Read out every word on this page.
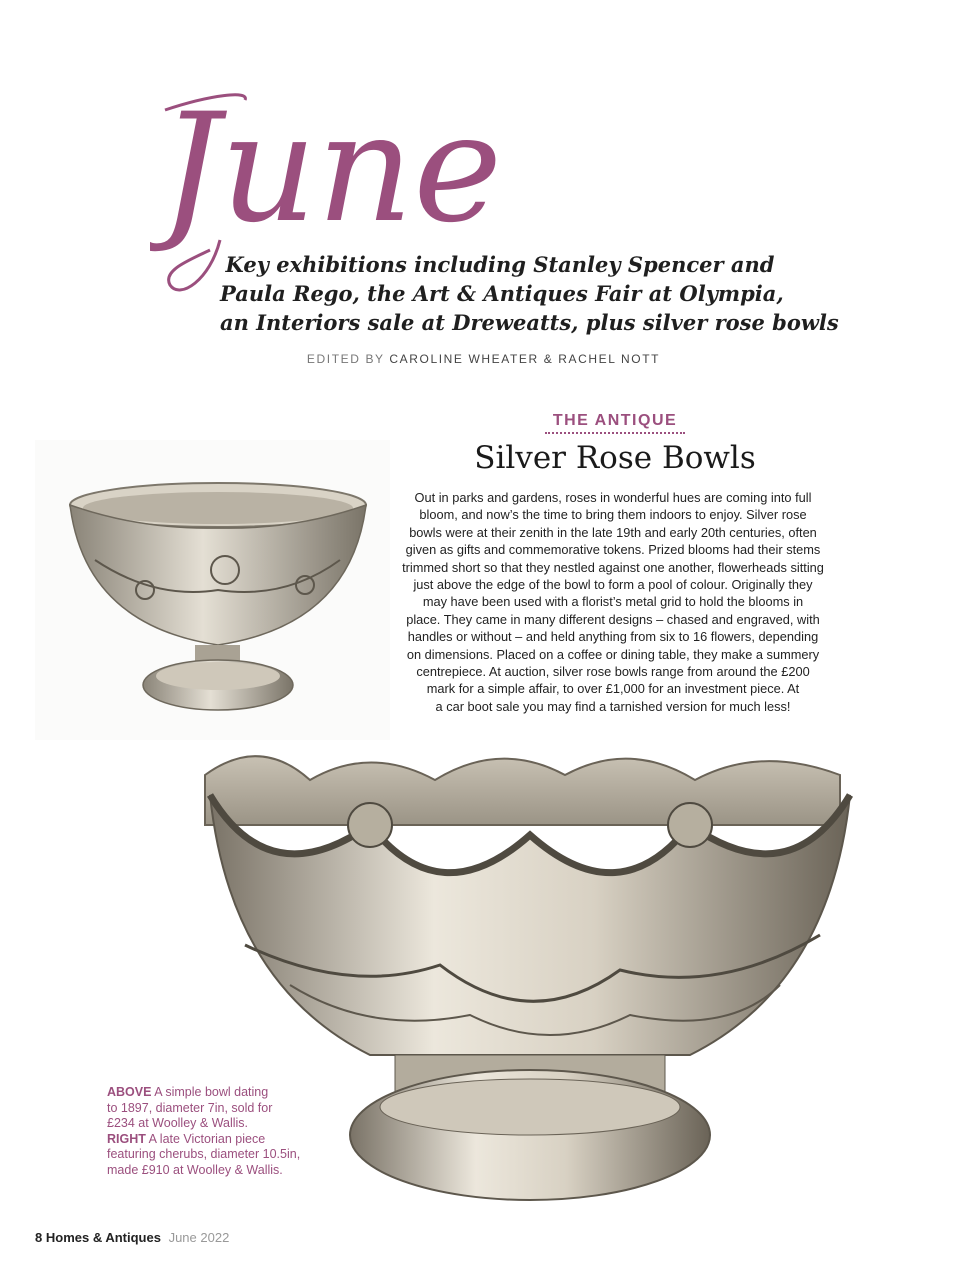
June
Key exhibitions including Stanley Spencer and
Paula Rego, the Art & Antiques Fair at Olympia,
an Interiors sale at Dreweatts, plus silver rose bowls
EDITED BY CAROLINE WHEATER & RACHEL NOTT
THE ANTIQUE
Silver Rose Bowls
Out in parks and gardens, roses in wonderful hues are coming into full
bloom, and now’s the time to bring them indoors to enjoy. Silver rose
bowls were at their zenith in the late 19th and early 20th centuries, often
given as gifts and commemorative tokens. Prized blooms had their stems
trimmed short so that they nestled against one another, flowerheads sitting
just above the edge of the bowl to form a pool of colour. Originally they
may have been used with a florist’s metal grid to hold the blooms in
place. They came in many different designs – chased and engraved, with
handles or without – and held anything from six to 16 flowers, depending
on dimensions. Placed on a coffee or dining table, they make a summery
centrepiece. At auction, silver rose bowls range from around the £200
mark for a simple affair, to over £1,000 for an investment piece. At
a car boot sale you may find a tarnished version for much less!
ABOVE A simple bowl dating
to 1897, diameter 7in, sold for
£234 at Woolley & Wallis.
RIGHT A late Victorian piece
featuring cherubs, diameter 10.5in,
made £910 at Woolley & Wallis.
8 Homes & Antiques June 2022
